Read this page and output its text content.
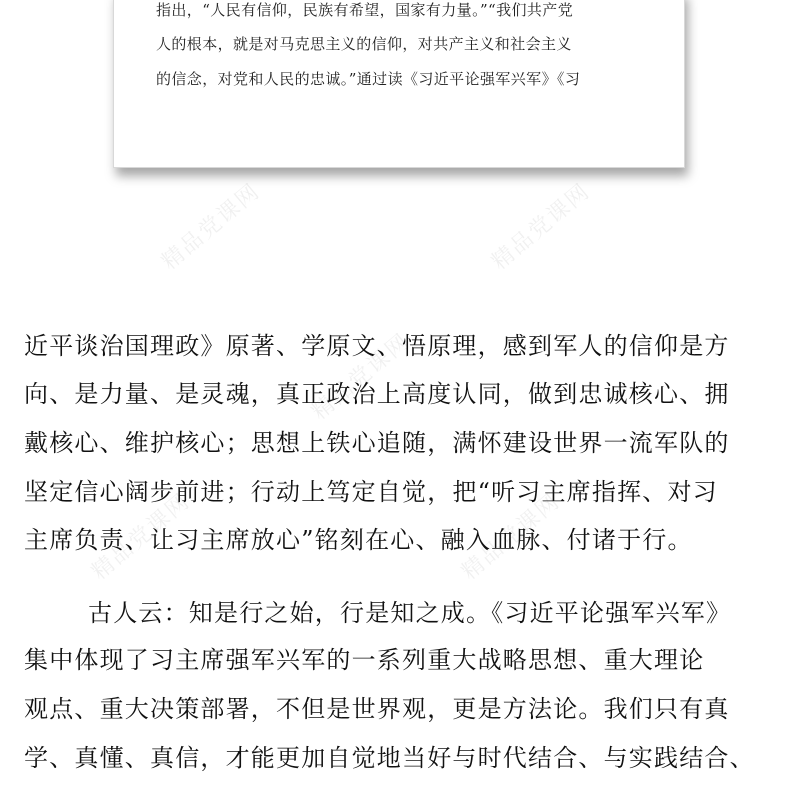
精品党课网	精品党课网
精品党课网
精品党课网	精品党课网
指出，“人民有信仰，民族有希望，国家有力量。”“我们共产党
人的根本，就是对马克思主义的信仰，对共产主义和社会主义
的信念，对党和人民的忠诚。”通过读《习近平论强军兴军》《习
近平谈治国理政》原著、学原文、悟原理，感到军人的信仰是方
向、是力量、是灵魂，真正政治上高度认同，做到忠诚核心、拥
戴核心、维护核心；思想上铁心追随，满怀建设世界一流军队的
坚定信心阔步前进；行动上笃定自觉，把“听习主席指挥、对习
主席负责、让习主席放心”铭刻在心、融入血脉、付诸于行。
古人云：知是行之始，行是知之成。《习近平论强军兴军》
集中体现了习主席强军兴军的一系列重大战略思想、重大理论
观点、重大决策部署，不但是世界观，更是方法论。我们只有真
学、真懂、真信，才能更加自觉地当好与时代结合、与实践结合、
